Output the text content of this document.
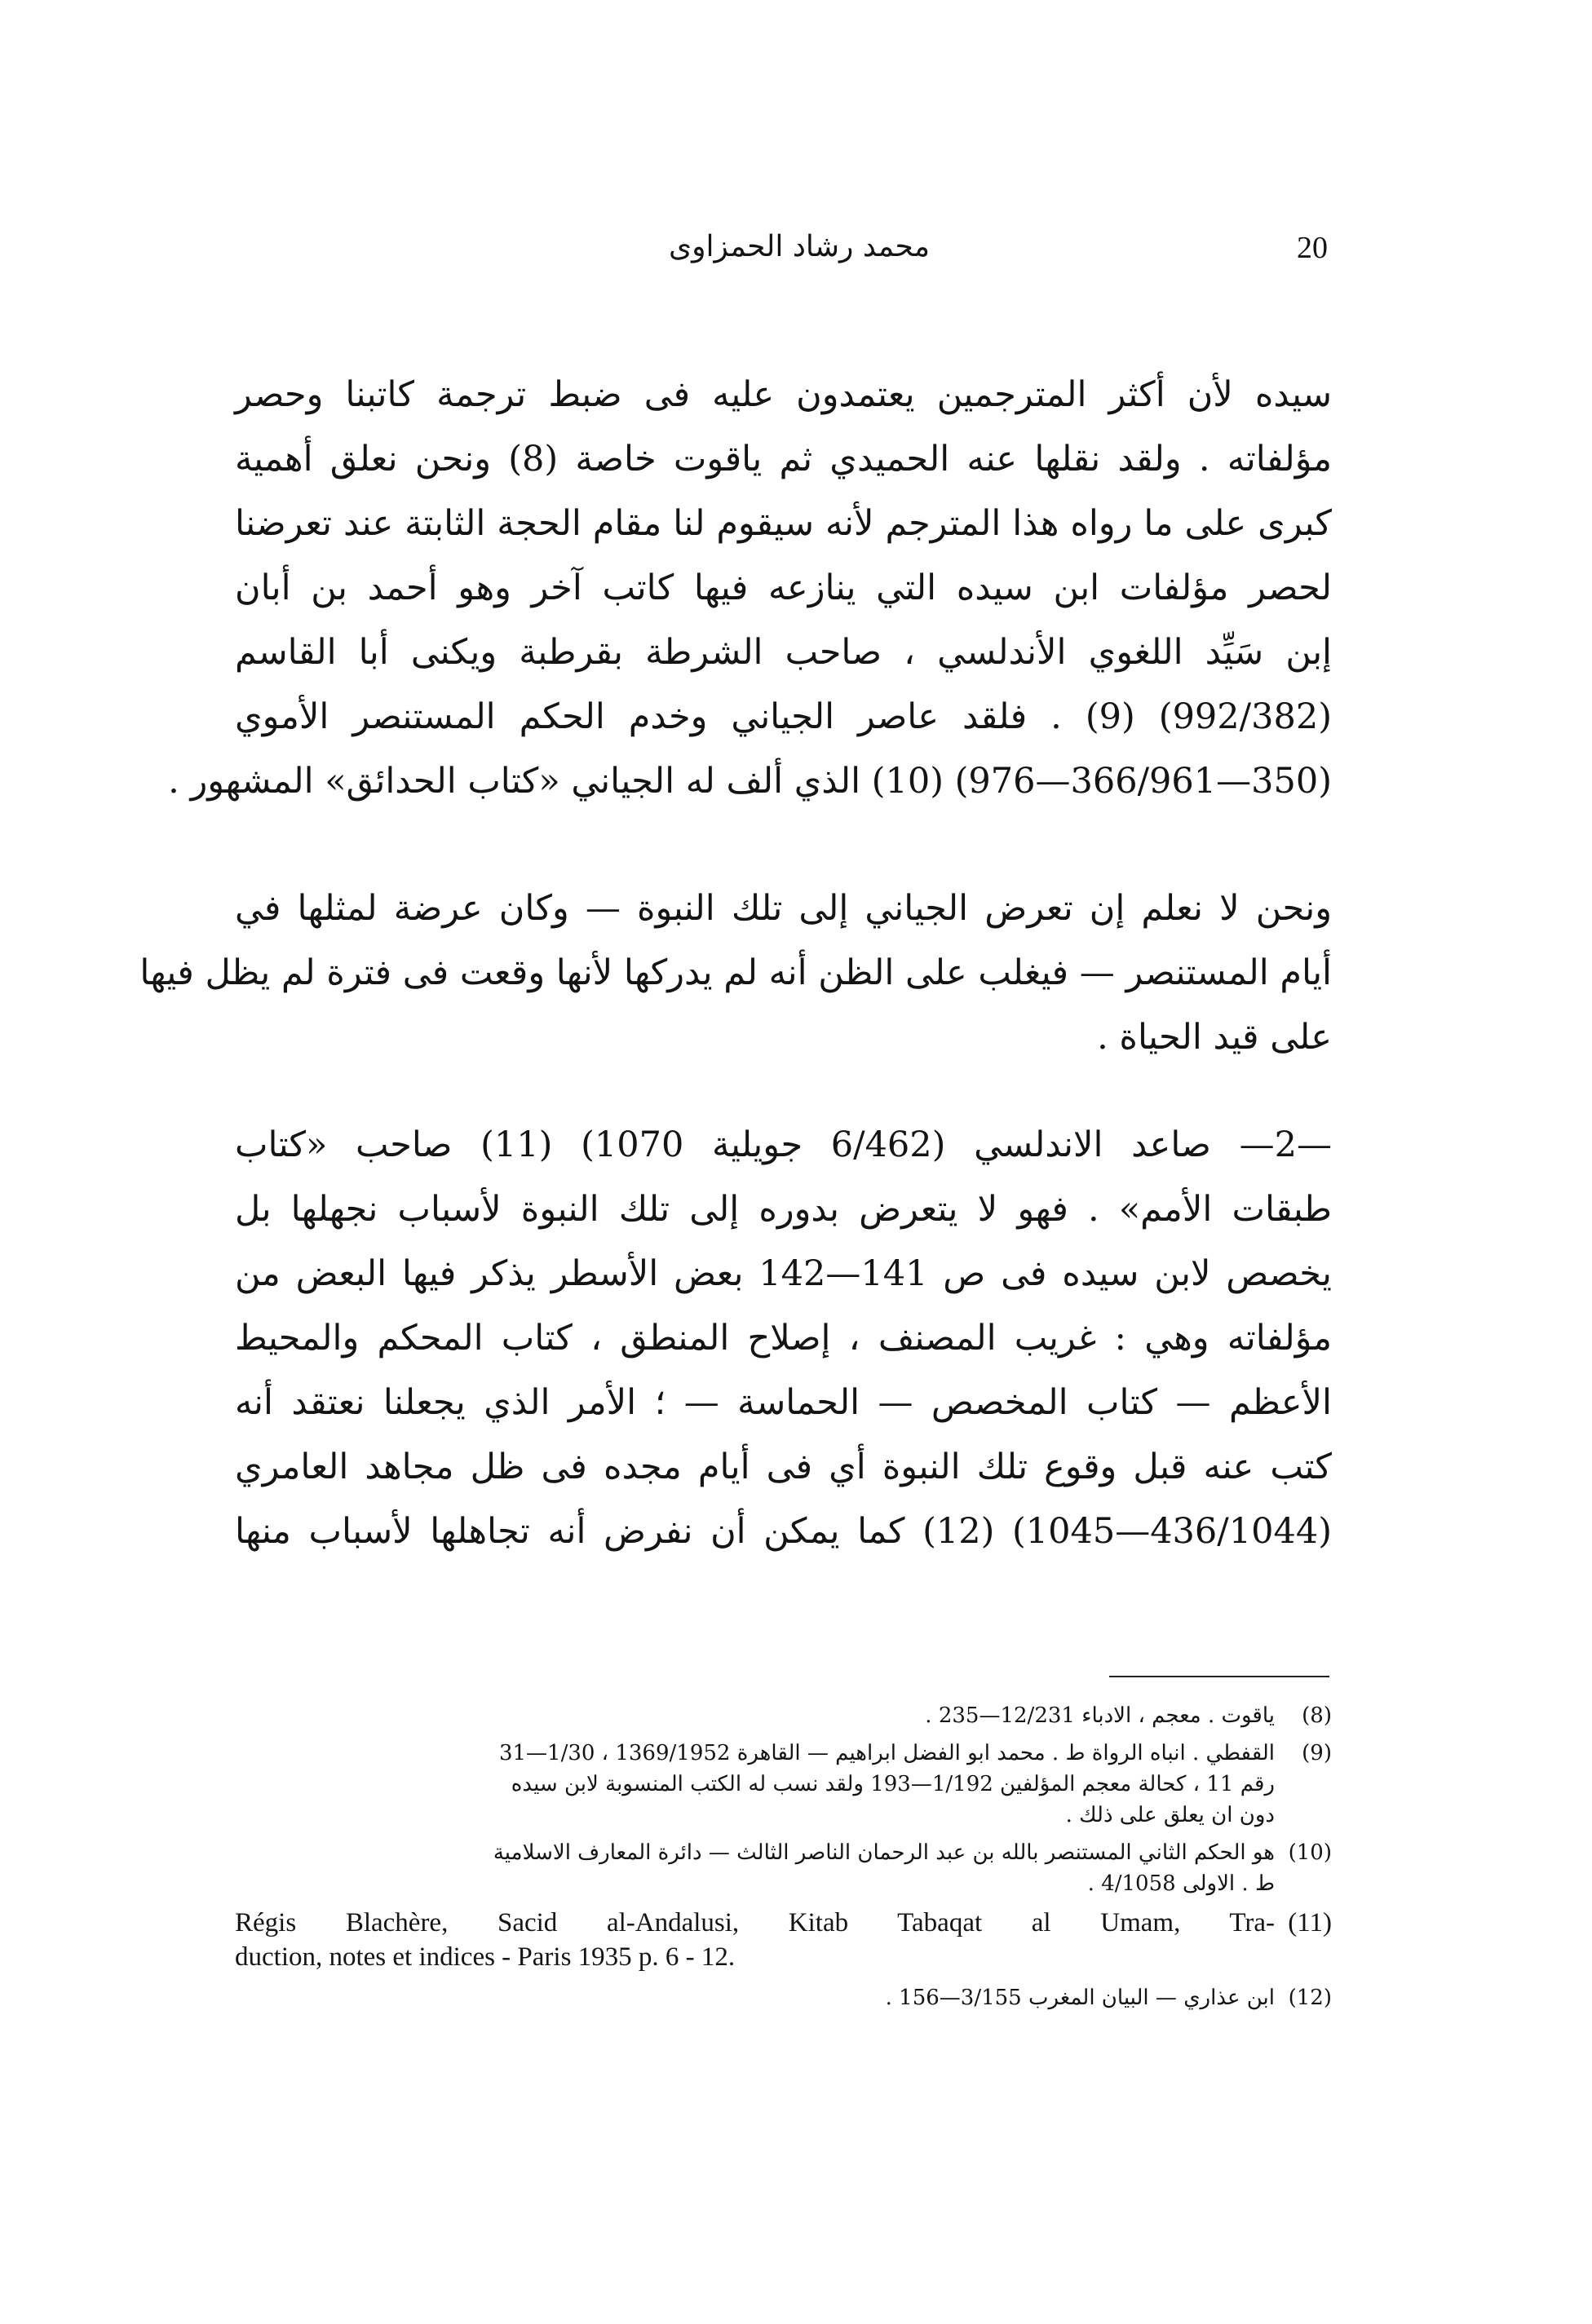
20
محمد رشاد الحمزاوى
سيده لأن أكثر المترجمين يعتمدون عليه فى ضبط ترجمة كاتبنا وحصر
مؤلفاته . ولقد نقلها عنه الحميدي ثم ياقوت خاصة (8) ونحن نعلق أهمية
كبرى على ما رواه هذا المترجم لأنه سيقوم لنا مقام الحجة الثابتة عند تعرضنا
لحصر مؤلفات ابن سيده التي ينازعه فيها كاتب آخر وهو أحمد بن أبان
إبن سَيِّد اللغوي الأندلسي ، صاحب الشرطة بقرطبة ويكنى أبا القاسم
(992/382) (9) . فلقد عاصر الجياني وخدم الحكم المستنصر الأموي
(350—366/961—976) (10) الذي ألف له الجياني «كتاب الحدائق» المشهور .
ونحن لا نعلم إن تعرض الجياني إلى تلك النبوة — وكان عرضة لمثلها في
أيام المستنصر — فيغلب على الظن أنه لم يدركها لأنها وقعت فى فترة لم يظل فيها
على قيد الحياة .
—2— صاعد الاندلسي (6/462 جويلية 1070) (11) صاحب «كتاب
طبقات الأمم» . فهو لا يتعرض بدوره إلى تلك النبوة لأسباب نجهلها بل
يخصص لابن سيده فى ص 141—142 بعض الأسطر يذكر فيها البعض من
مؤلفاته وهي : غريب المصنف ، إصلاح المنطق ، كتاب المحكم والمحيط
الأعظم — كتاب المخصص — الحماسة — ؛ الأمر الذي يجعلنا نعتقد أنه
كتب عنه قبل وقوع تلك النبوة أي فى أيام مجده فى ظل مجاهد العامري
(436/1044—1045) (12) كما يمكن أن نفرض أنه تجاهلها لأسباب منها
(8)
ياقوت . معجم ، الادباء 12/231—235 .
(9)
القفطي . انباه الرواة ط . محمد ابو الفضل ابراهيم — القاهرة 1369/1952 ، 1/30—31
رقم 11 ، كحالة معجم المؤلفين 1/192—193 ولقد نسب له الكتب المنسوبة لابن سيده
دون ان يعلق على ذلك .
(10)
هو الحكم الثاني المستنصر بالله بن عبد الرحمان الناصر الثالث — دائرة المعارف الاسلامية
ط . الاولى 4/1058 .
(11)
Régis Blachère, Sacid al-Andalusi, Kitab Tabaqat al Umam, Tra-
duction, notes et indices - Paris 1935 p. 6 - 12.
(12)
ابن عذاري — البيان المغرب 3/155—156 .
